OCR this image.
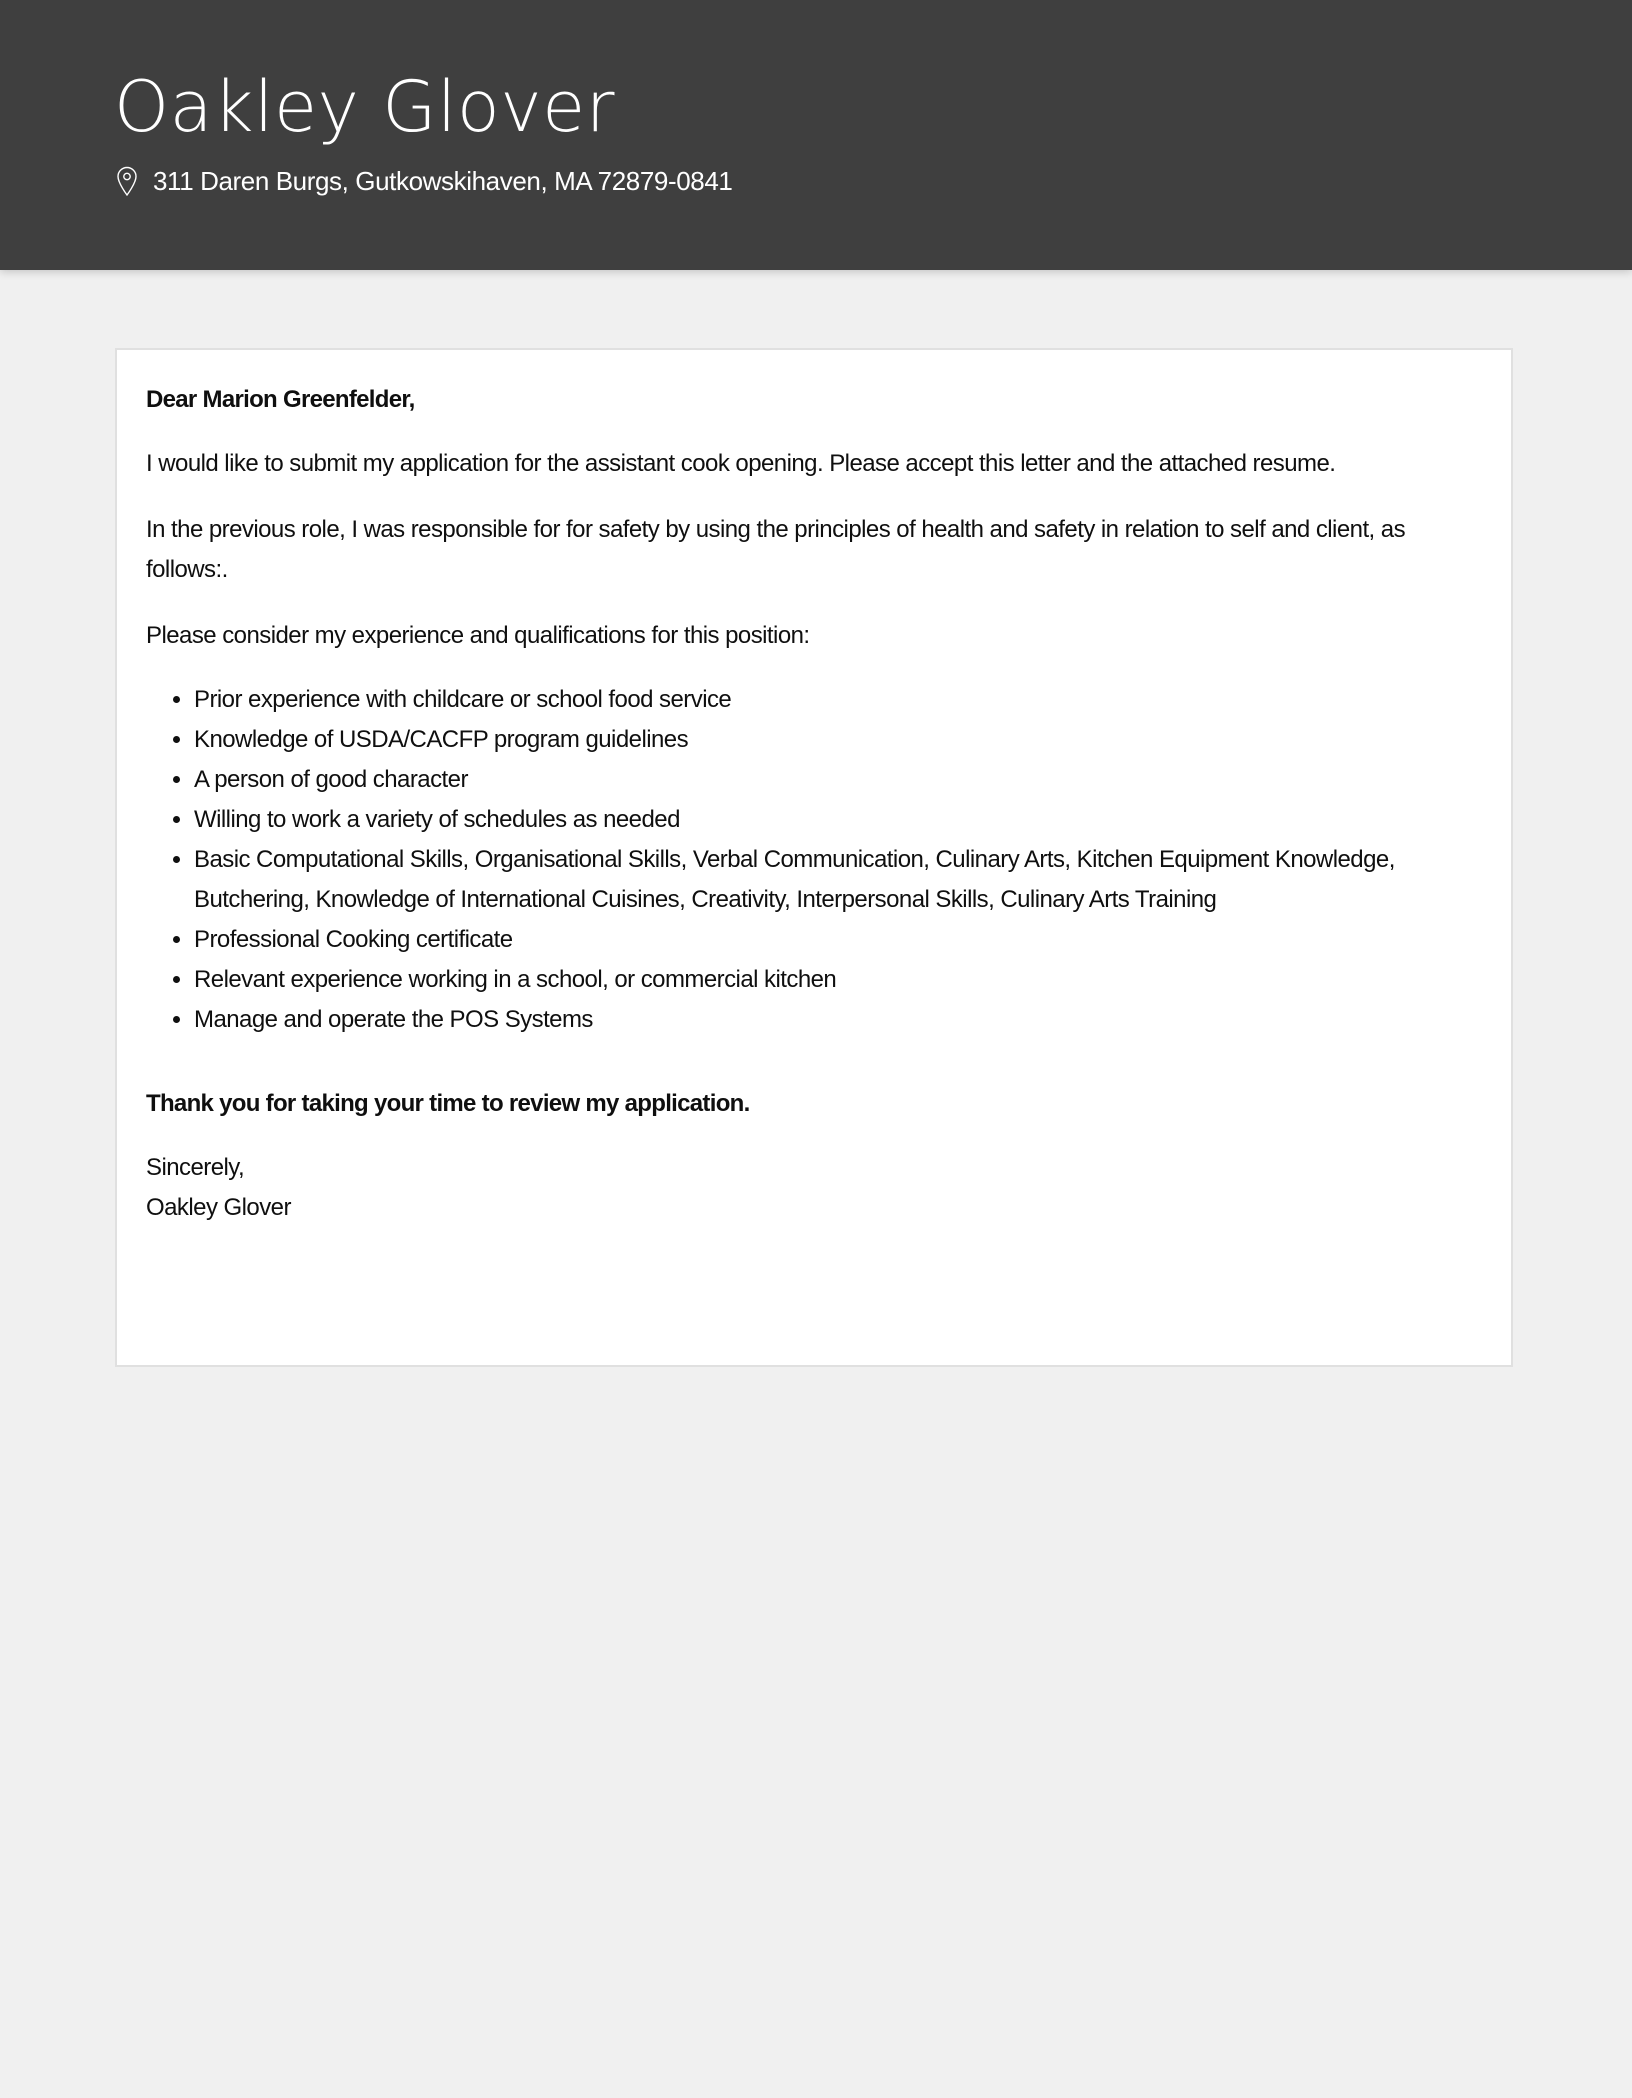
Oakley Glover
311 Daren Burgs, Gutkowskihaven, MA 72879-0841

Dear Marion Greenfelder,

I would like to submit my application for the assistant cook opening. Please accept this letter and the attached resume.

In the previous role, I was responsible for for safety by using the principles of health and safety in relation to self and client, as follows:.

Please consider my experience and qualifications for this position:

• Prior experience with childcare or school food service
• Knowledge of USDA/CACFP program guidelines
• A person of good character
• Willing to work a variety of schedules as needed
• Basic Computational Skills, Organisational Skills, Verbal Communication, Culinary Arts, Kitchen Equipment Knowledge, Butchering, Knowledge of International Cuisines, Creativity, Interpersonal Skills, Culinary Arts Training
• Professional Cooking certificate
• Relevant experience working in a school, or commercial kitchen
• Manage and operate the POS Systems

Thank you for taking your time to review my application.

Sincerely,

Oakley Glover
